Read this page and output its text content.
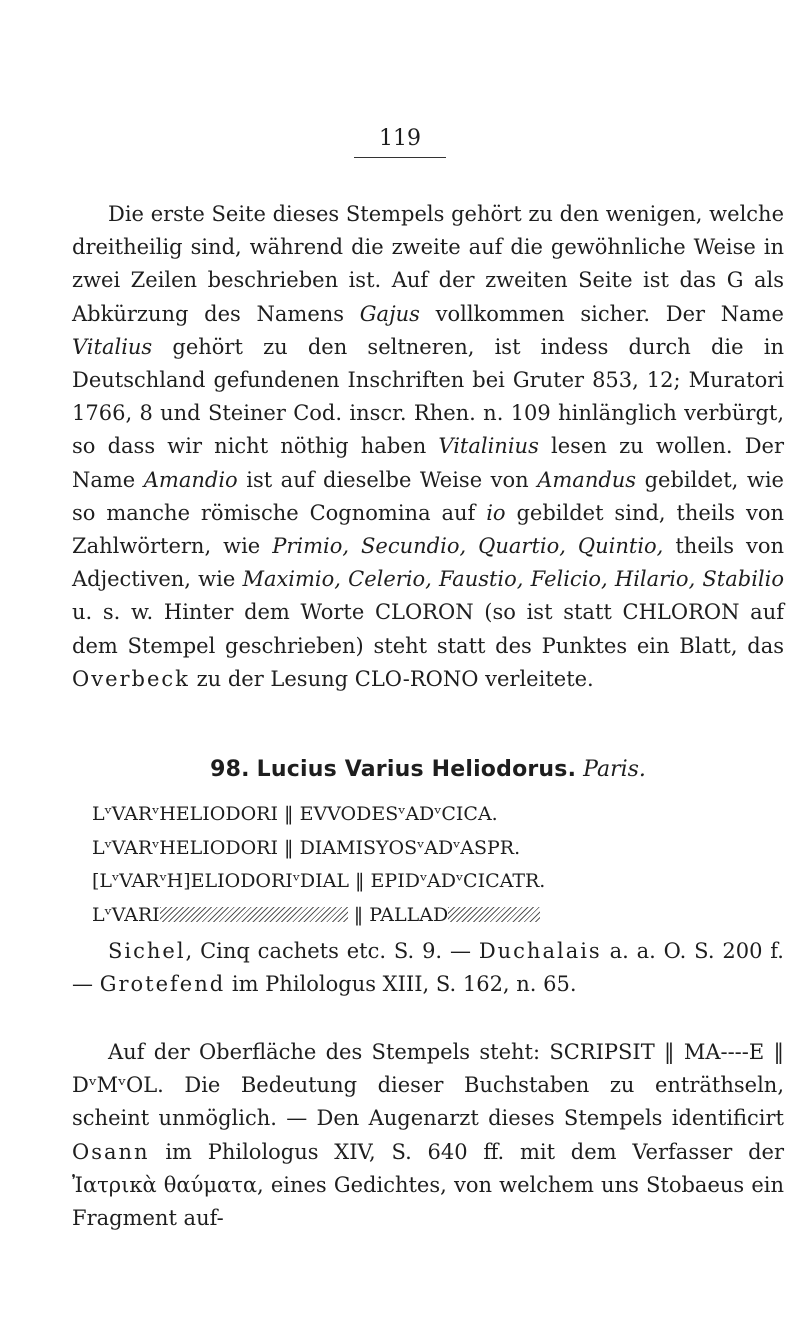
119
Die erste Seite dieses Stempels gehört zu den wenigen, welche dreitheilig sind, während die zweite auf die gewöhnliche Weise in zwei Zeilen beschrieben ist. Auf der zweiten Seite ist das G als Abkürzung des Namens Gajus vollkommen sicher. Der Name Vitalius gehört zu den seltneren, ist indess durch die in Deutschland gefundenen Inschriften bei Gruter 853, 12; Muratori 1766, 8 und Steiner Cod. inscr. Rhen. n. 109 hinlänglich verbürgt, so dass wir nicht nöthig haben Vitalinius lesen zu wollen. Der Name Amandio ist auf dieselbe Weise von Amandus gebildet, wie so manche römische Cognomina auf io gebildet sind, theils von Zahlwörtern, wie Primio, Secundio, Quartio, Quintio, theils von Adjectiven, wie Maximio, Celerio, Faustio, Felicio, Hilario, Stabilio u. s. w. Hinter dem Worte CLORON (so ist statt CHLORON auf dem Stempel geschrieben) steht statt des Punktes ein Blatt, das Overbeck zu der Lesung CLO-RONO verleitete.
98. Lucius Varius Heliodorus. Paris.
LᵛVARᵛHELIODORI ‖ EVVODESᵛADᵛCICA.
LᵛVARᵛHELIODORI ‖ DIAMISYOSᵛADᵛASPR.
[LᵛVARᵛH]ELIODORIᵛDIAL ‖ EPIDᵛADᵛCICATR.
LᵛVARI	‖ PALLAD
Sichel, Cinq cachets etc. S. 9. — Duchalais a. a. O. S. 200 f. — Grotefend im Philologus XIII, S. 162, n. 65.
Auf der Oberfläche des Stempels steht: SCRIPSIT ‖ MA----E ‖ DᵛMᵛOL. Die Bedeutung dieser Buchstaben zu enträthseln, scheint unmöglich. — Den Augenarzt dieses Stempels identificirt Osann im Philologus XIV, S. 640 ff. mit dem Verfasser der Ἰατρικὰ θαύματα, eines Gedichtes, von welchem uns Stobaeus ein Fragment auf-
